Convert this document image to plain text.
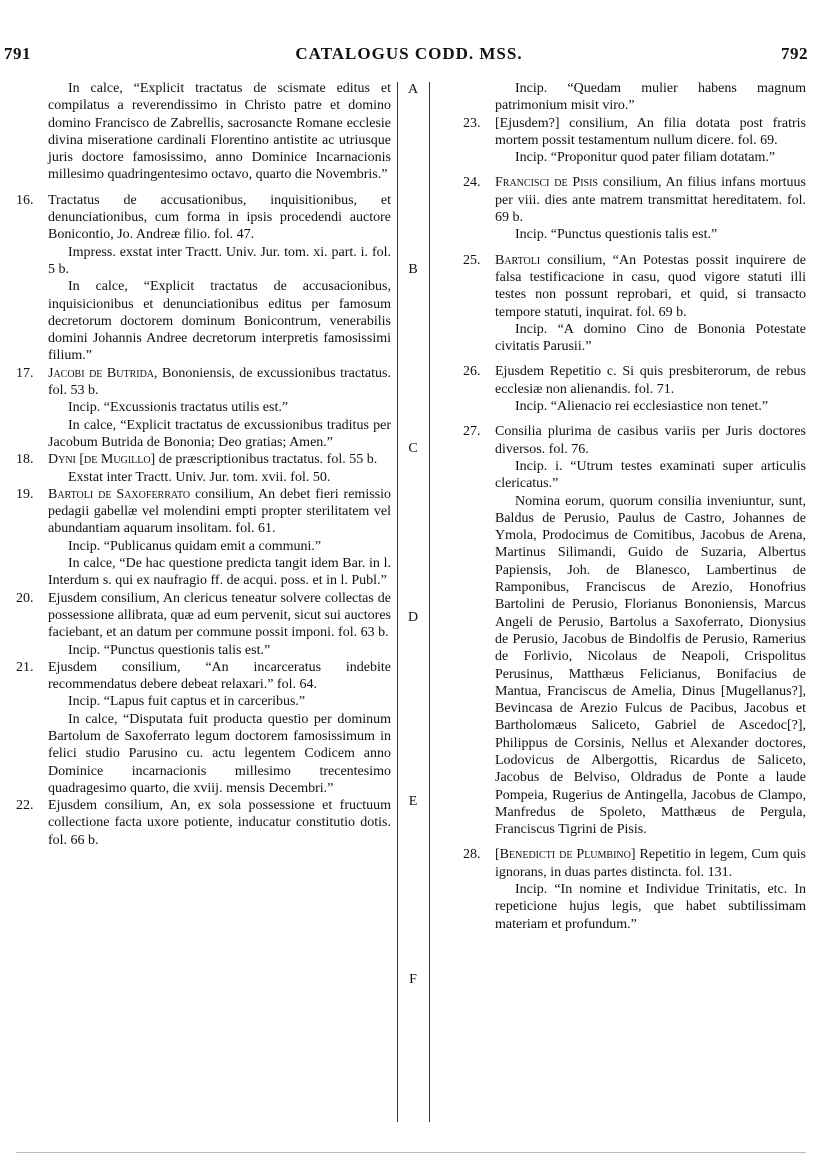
791	CATALOGUS CODD. MSS.	792
A
B
C
D
E
F

In calce, “Explicit tractatus de scismate editus et compilatus a reverendissimo in Christo patre et domino domino Francisco de Zabrellis, sacrosancte Romane ecclesie divina miseratione cardinali Florentino antistite ac utriusque juris doctore famosissimo, anno Dominice Incarnacionis millesimo quadringentesimo octavo, quarto die Novembris.”

16. Tractatus de accusationibus, inquisitionibus, et denunciationibus, cum forma in ipsis procedendi auctore Bonicontio, Jo. Andreæ filio. fol. 47.

Impress. exstat inter Tractt. Univ. Jur. tom. xi. part. i. fol. 5 b.

In calce, “Explicit tractatus de accusacionibus, inquisicionibus et denunciationibus editus per famosum decretorum doctorem dominum Bonicontrum, venerabilis domini Johannis Andree decretorum interpretis famosissimi filium.”

17. Jacobi de Butrida, Bononiensis, de excussionibus tractatus. fol. 53 b.

Incip. “Excussionis tractatus utilis est.”

In calce, “Explicit tractatus de excussionibus traditus per Jacobum Butrida de Bononia; Deo gratias; Amen.”

18. Dyni [de Mugillo] de præscriptionibus tractatus. fol. 55 b.

Exstat inter Tractt. Univ. Jur. tom. xvii. fol. 50.

19. Bartoli de Saxoferrato consilium, An debet fieri remissio pedagii gabellæ vel molendini empti propter sterilitatem vel abundantiam aquarum insolitam. fol. 61.

Incip. “Publicanus quidam emit a communi.”

In calce, “De hac questione predicta tangit idem Bar. in l. Interdum s. qui ex naufragio ff. de acqui. poss. et in l. Publ.”

20. Ejusdem consilium, An clericus teneatur solvere collectas de possessione allibrata, quæ ad eum pervenit, sicut sui auctores faciebant, et an datum per commune possit imponi. fol. 63 b.

Incip. “Punctus questionis talis est.”

21. Ejusdem consilium, “An incarceratus indebite recommendatus debere debeat relaxari.” fol. 64.

Incip. “Lapus fuit captus et in carceribus.”

In calce, “Disputata fuit producta questio per dominum Bartolum de Saxoferrato legum doctorem famosissimum in felici studio Parusino cu. actu legentem Codicem anno Dominice incarnacionis millesimo trecentesimo quadragesimo quarto, die xviij. mensis Decembri.”

22. Ejusdem consilium, An, ex sola possessione et fructuum collectione facta uxore potiente, inducatur constitutio dotis. fol. 66 b.

Incip. “Quedam mulier habens magnum patrimonium misit viro.”

23. [Ejusdem?] consilium, An filia dotata post fratris mortem possit testamentum nullum dicere. fol. 69.

Incip. “Proponitur quod pater filiam dotatam.”

24. Francisci de Pisis consilium, An filius infans mortuus per viii. dies ante matrem transmittat hereditatem. fol. 69 b.

Incip. “Punctus questionis talis est.”

25. Bartoli consilium, “An Potestas possit inquirere de falsa testificacione in casu, quod vigore statuti illi testes non possunt reprobari, et quid, si transacto tempore statuti, inquirat. fol. 69 b.

Incip. “A domino Cino de Bononia Potestate civitatis Parusii.”

26. Ejusdem Repetitio c. Si quis presbiterorum, de rebus ecclesiæ non alienandis. fol. 71.

Incip. “Alienacio rei ecclesiastice non tenet.”

27. Consilia plurima de casibus variis per Juris doctores diversos. fol. 76.

Incip. i. “Utrum testes examinati super articulis clericatus.”

Nomina eorum, quorum consilia inveniuntur, sunt, Baldus de Perusio, Paulus de Castro, Johannes de Ymola, Prodocimus de Comitibus, Jacobus de Arena, Martinus Silimandi, Guido de Suzaria, Albertus Papiensis, Joh. de Blanesco, Lambertinus de Ramponibus, Franciscus de Arezio, Honofrius Bartolini de Perusio, Florianus Bononiensis, Marcus Angeli de Perusio, Bartolus a Saxoferrato, Dionysius de Perusio, Jacobus de Bindolfis de Perusio, Ramerius de Forlivio, Nicolaus de Neapoli, Crispolitus Perusinus, Matthæus Felicianus, Bonifacius de Mantua, Franciscus de Amelia, Dinus [Mugellanus?], Bevincasa de Arezio Fulcus de Pacibus, Jacobus et Bartholomæus Saliceto, Gabriel de Ascedoc[?], Philippus de Corsinis, Nellus et Alexander doctores, Lodovicus de Albergottis, Ricardus de Saliceto, Jacobus de Belviso, Oldradus de Ponte a laude Pompeia, Rugerius de Antingella, Jacobus de Clampo, Manfredus de Spoleto, Matthæus de Pergula, Franciscus Tigrini de Pisis.

28. [Benedicti de Plumbino] Repetitio in legem, Cum quis ignorans, in duas partes distincta. fol. 131.

Incip. “In nomine et Individue Trinitatis, etc. In repeticione hujus legis, que habet subtilissimam materiam et profundum.”
